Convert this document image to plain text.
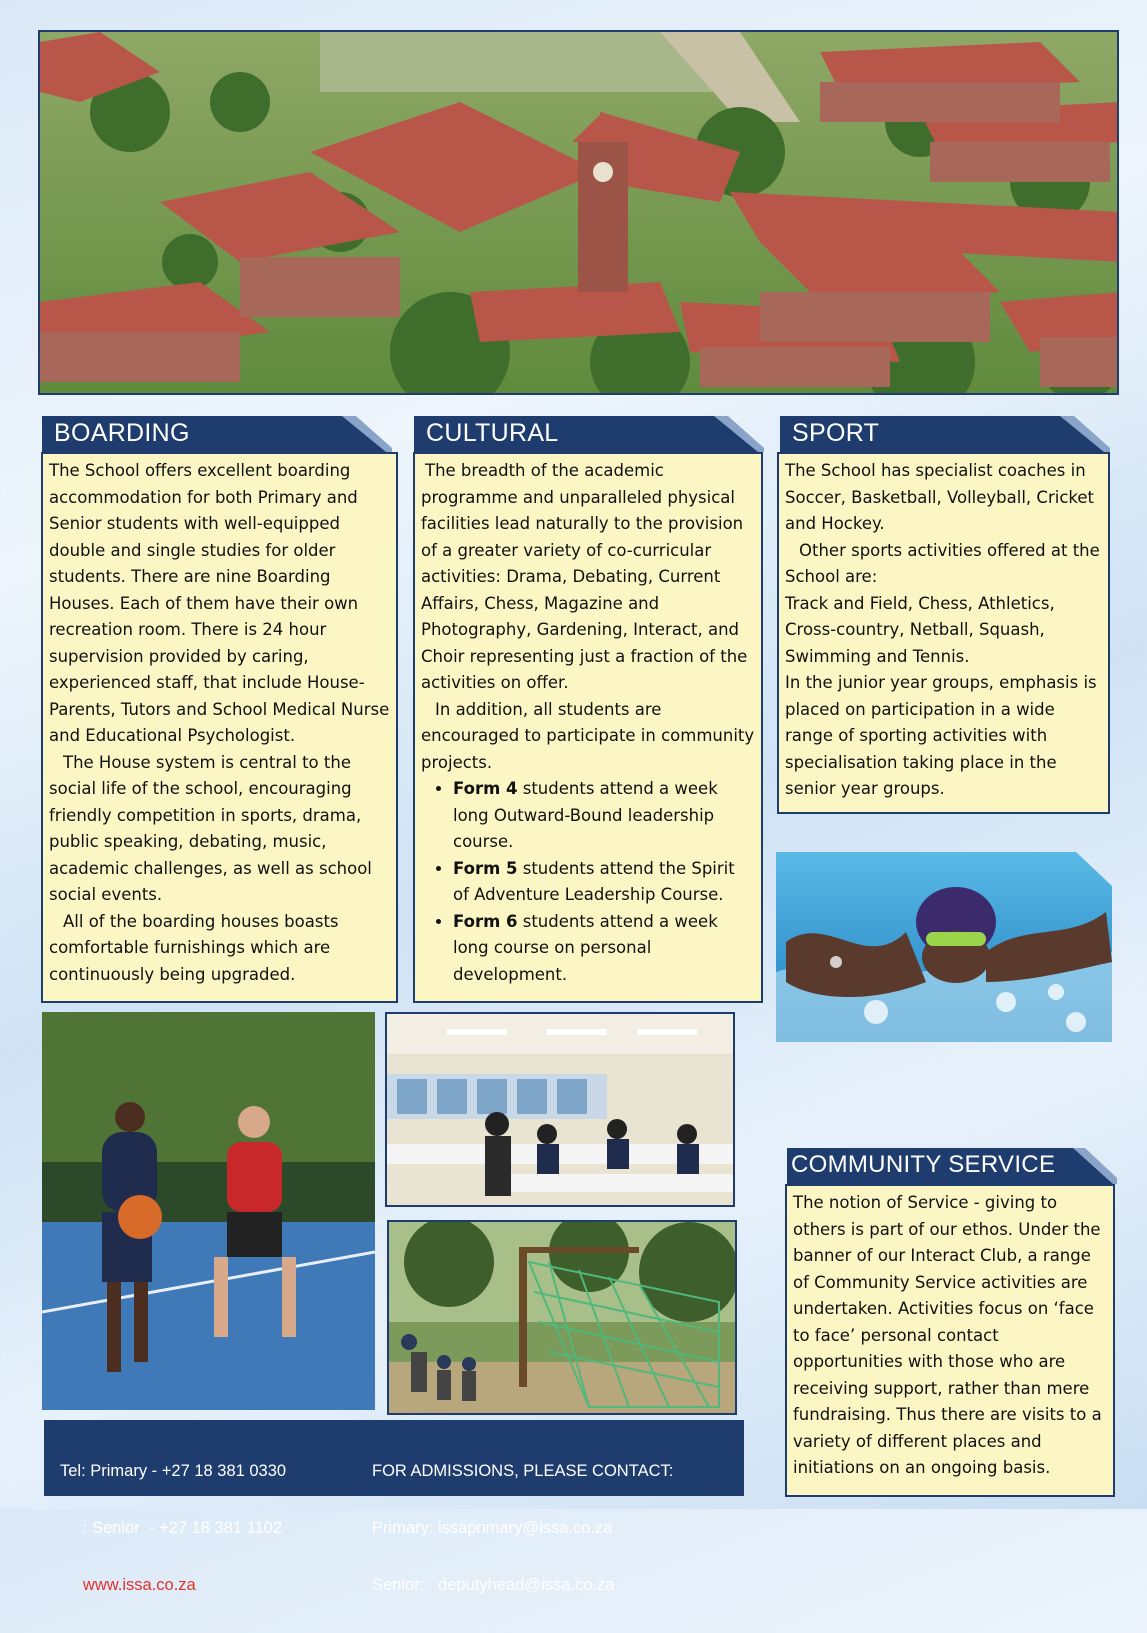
BOARDING

The School offers excellent boarding accommodation for both Primary and Senior students with well-equipped double and single studies for older students. There are nine Boarding Houses. Each of them have their own recreation room. There is 24 hour supervision provided by caring, experienced staff, that include House-Parents, Tutors and School Medical Nurse and Educational Psychologist.

The House system is central to the social life of the school, encouraging friendly competition in sports, drama, public speaking, debating, music, academic challenges, as well as school social events.

All of the boarding houses boasts comfortable furnishings which are continuously being upgraded.

CULTURAL

The breadth of the academic programme and unparalleled physical facilities lead naturally to the provision of a greater variety of co-curricular activities: Drama, Debating, Current Affairs, Chess, Magazine and Photography, Gardening, Interact, and Choir representing just a fraction of the activities on offer.

In addition, all students are encouraged to participate in community projects.

• Form 4 students attend a week long Outward-Bound leadership course.
• Form 5 students attend the Spirit of Adventure Leadership Course.
• Form 6 students attend a week long course on personal development.
SPORT

The School has specialist coaches in Soccer, Basketball, Volleyball, Cricket and Hockey.

Other sports activities offered at the School are:

Track and Field, Chess, Athletics, Cross-country, Netball, Squash, Swimming and Tennis.

In the junior year groups, emphasis is placed on participation in a wide range of sporting activities with specialisation taking place in the senior year groups.

COMMUNITY SERVICE

The notion of Service - giving to others is part of our ethos. Under the banner of our Interact Club, a range of Community Service activities are undertaken. Activities focus on ‘face to face’ personal contact opportunities with those who are receiving support, rather than mere fundraising. Thus there are visits to a variety of different places and initiations on an ongoing basis.

Tel: Primary - +27 18 381 0330

: Senior  - +27 18 381 1102

www.issa.co.za

FOR ADMISSIONS, PLEASE CONTACT:

Primary: issaprimary@issa.co.za

Senior:   deputyhead@issa.co.za
